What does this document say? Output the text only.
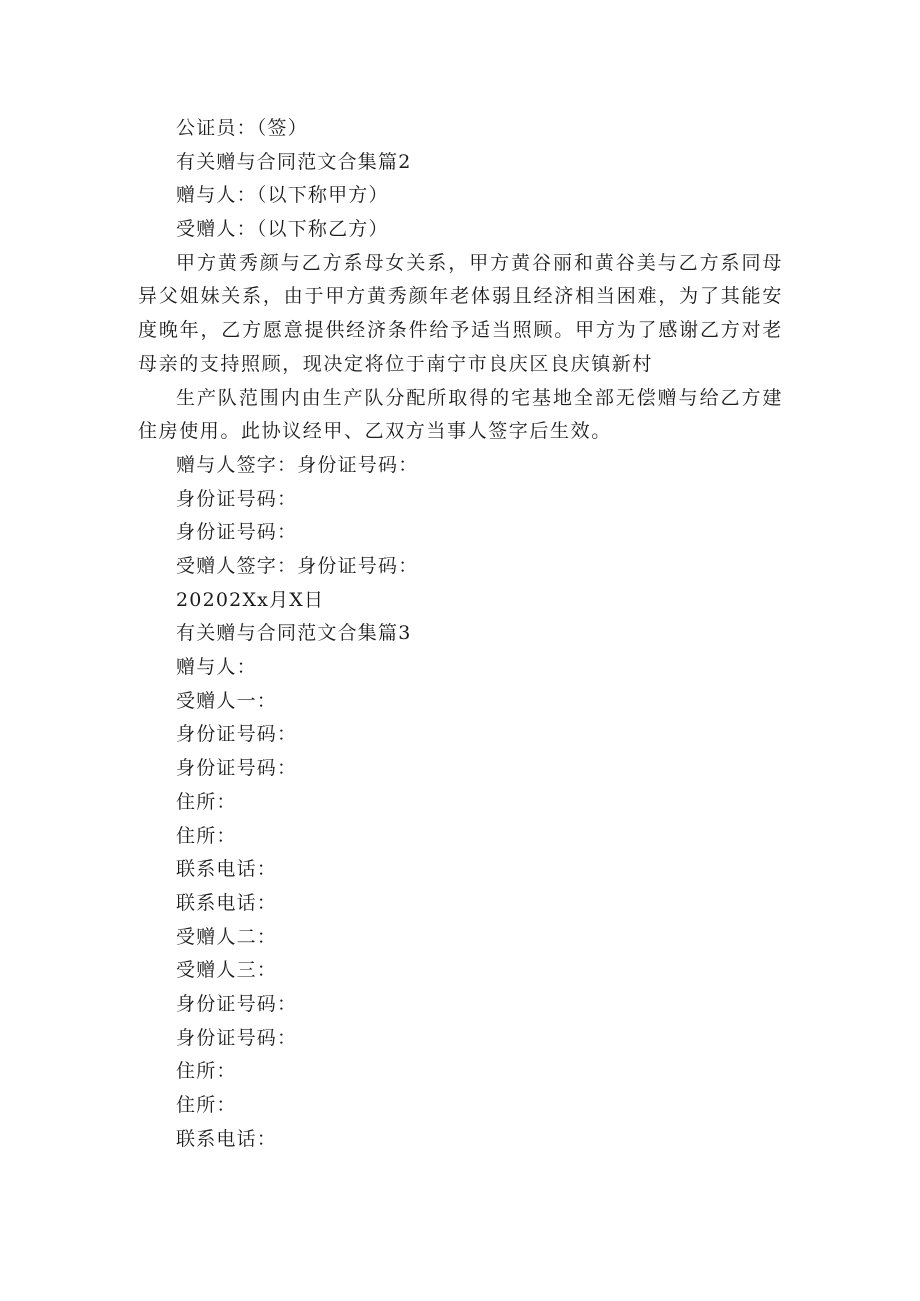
公证员：（签）

有关赠与合同范文合集篇2

赠与人：（以下称甲方）

受赠人：（以下称乙方）

甲方黄秀颜与乙方系母女关系，甲方黄谷丽和黄谷美与乙方系同母异父姐妹关系，由于甲方黄秀颜年老体弱且经济相当困难，为了其能安度晚年，乙方愿意提供经济条件给予适当照顾。甲方为了感谢乙方对老母亲的支持照顾，现决定将位于南宁市良庆区良庆镇新村

生产队范围内由生产队分配所取得的宅基地全部无偿赠与给乙方建住房使用。此协议经甲、乙双方当事人签字后生效。

赠与人签字：身份证号码：

身份证号码：

身份证号码：

受赠人签字：身份证号码：

20202Xx月X日

有关赠与合同范文合集篇3

赠与人：

受赠人一：

身份证号码：

身份证号码：

住所：

住所：

联系电话：

联系电话：

受赠人二：

受赠人三：

身份证号码：

身份证号码：

住所：

住所：

联系电话：
